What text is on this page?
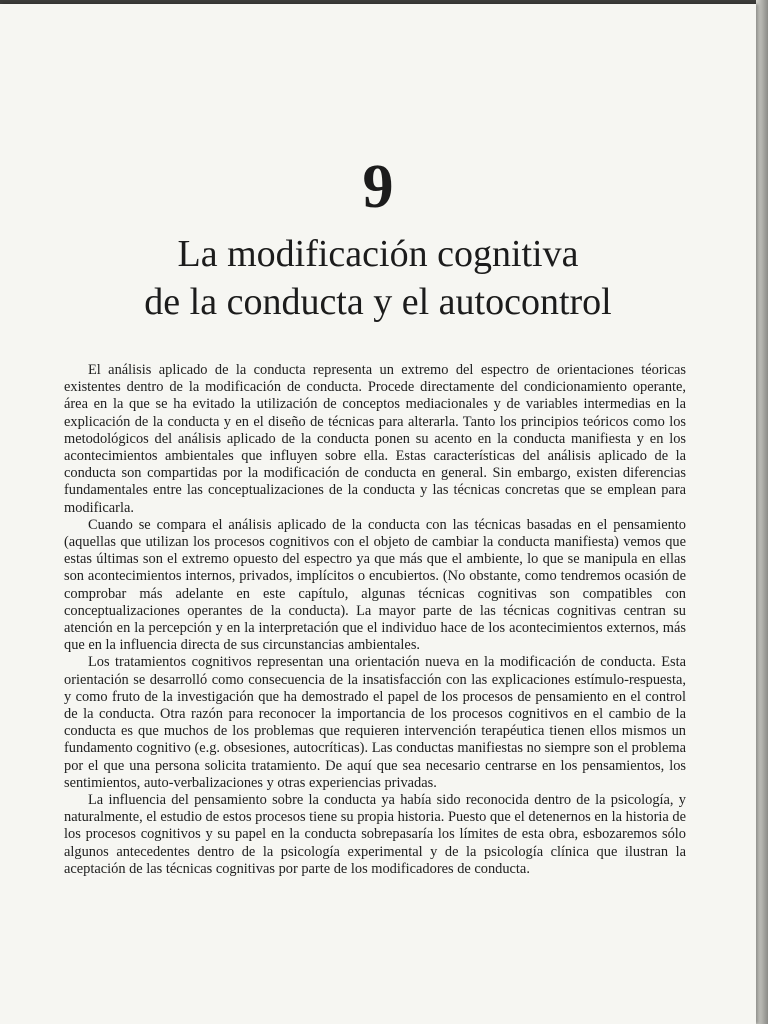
9
La modificación cognitiva
de la conducta y el autocontrol

El análisis aplicado de la conducta representa un extremo del espectro de orientaciones téoricas existentes dentro de la modificación de conducta. Procede directamente del condicionamiento operante, área en la que se ha evitado la utilización de conceptos mediacionales y de variables intermedias en la explicación de la conducta y en el diseño de técnicas para alterarla. Tanto los principios teóricos como los metodológicos del análisis aplicado de la conducta ponen su acento en la conducta manifiesta y en los acontecimientos ambientales que influyen sobre ella. Estas características del análisis aplicado de la conducta son compartidas por la modificación de conducta en general. Sin embargo, existen diferencias fundamentales entre las conceptualizaciones de la conducta y las técnicas concretas que se emplean para modificarla.

Cuando se compara el análisis aplicado de la conducta con las técnicas basadas en el pensamiento (aquellas que utilizan los procesos cognitivos con el objeto de cambiar la conducta manifiesta) vemos que estas últimas son el extremo opuesto del espectro ya que más que el ambiente, lo que se manipula en ellas son acontecimientos internos, privados, implícitos o encubiertos. (No obstante, como tendremos ocasión de comprobar más adelante en este capítulo, algunas técnicas cognitivas son compatibles con conceptualizaciones operantes de la conducta). La mayor parte de las técnicas cognitivas centran su atención en la percepción y en la interpretación que el individuo hace de los acontecimientos externos, más que en la influencia directa de sus circunstancias ambientales.

Los tratamientos cognitivos representan una orientación nueva en la modificación de conducta. Esta orientación se desarrolló como consecuencia de la insatisfacción con las explicaciones estímulo-respuesta, y como fruto de la investigación que ha demostrado el papel de los procesos de pensamiento en el control de la conducta. Otra razón para reconocer la importancia de los procesos cognitivos en el cambio de la conducta es que muchos de los problemas que requieren intervención terapéutica tienen ellos mismos un fundamento cognitivo (e.g. obsesiones, autocríticas). Las conductas manifiestas no siempre son el problema por el que una persona solicita tratamiento. De aquí que sea necesario centrarse en los pensamientos, los sentimientos, auto-verbalizaciones y otras experiencias privadas.

La influencia del pensamiento sobre la conducta ya había sido reconocida dentro de la psicología, y naturalmente, el estudio de estos procesos tiene su propia historia. Puesto que el detenernos en la historia de los procesos cognitivos y su papel en la conducta sobrepasaría los límites de esta obra, esbozaremos sólo algunos antecedentes dentro de la psicología experimental y de la psicología clínica que ilustran la aceptación de las técnicas cognitivas por parte de los modificadores de conducta.
